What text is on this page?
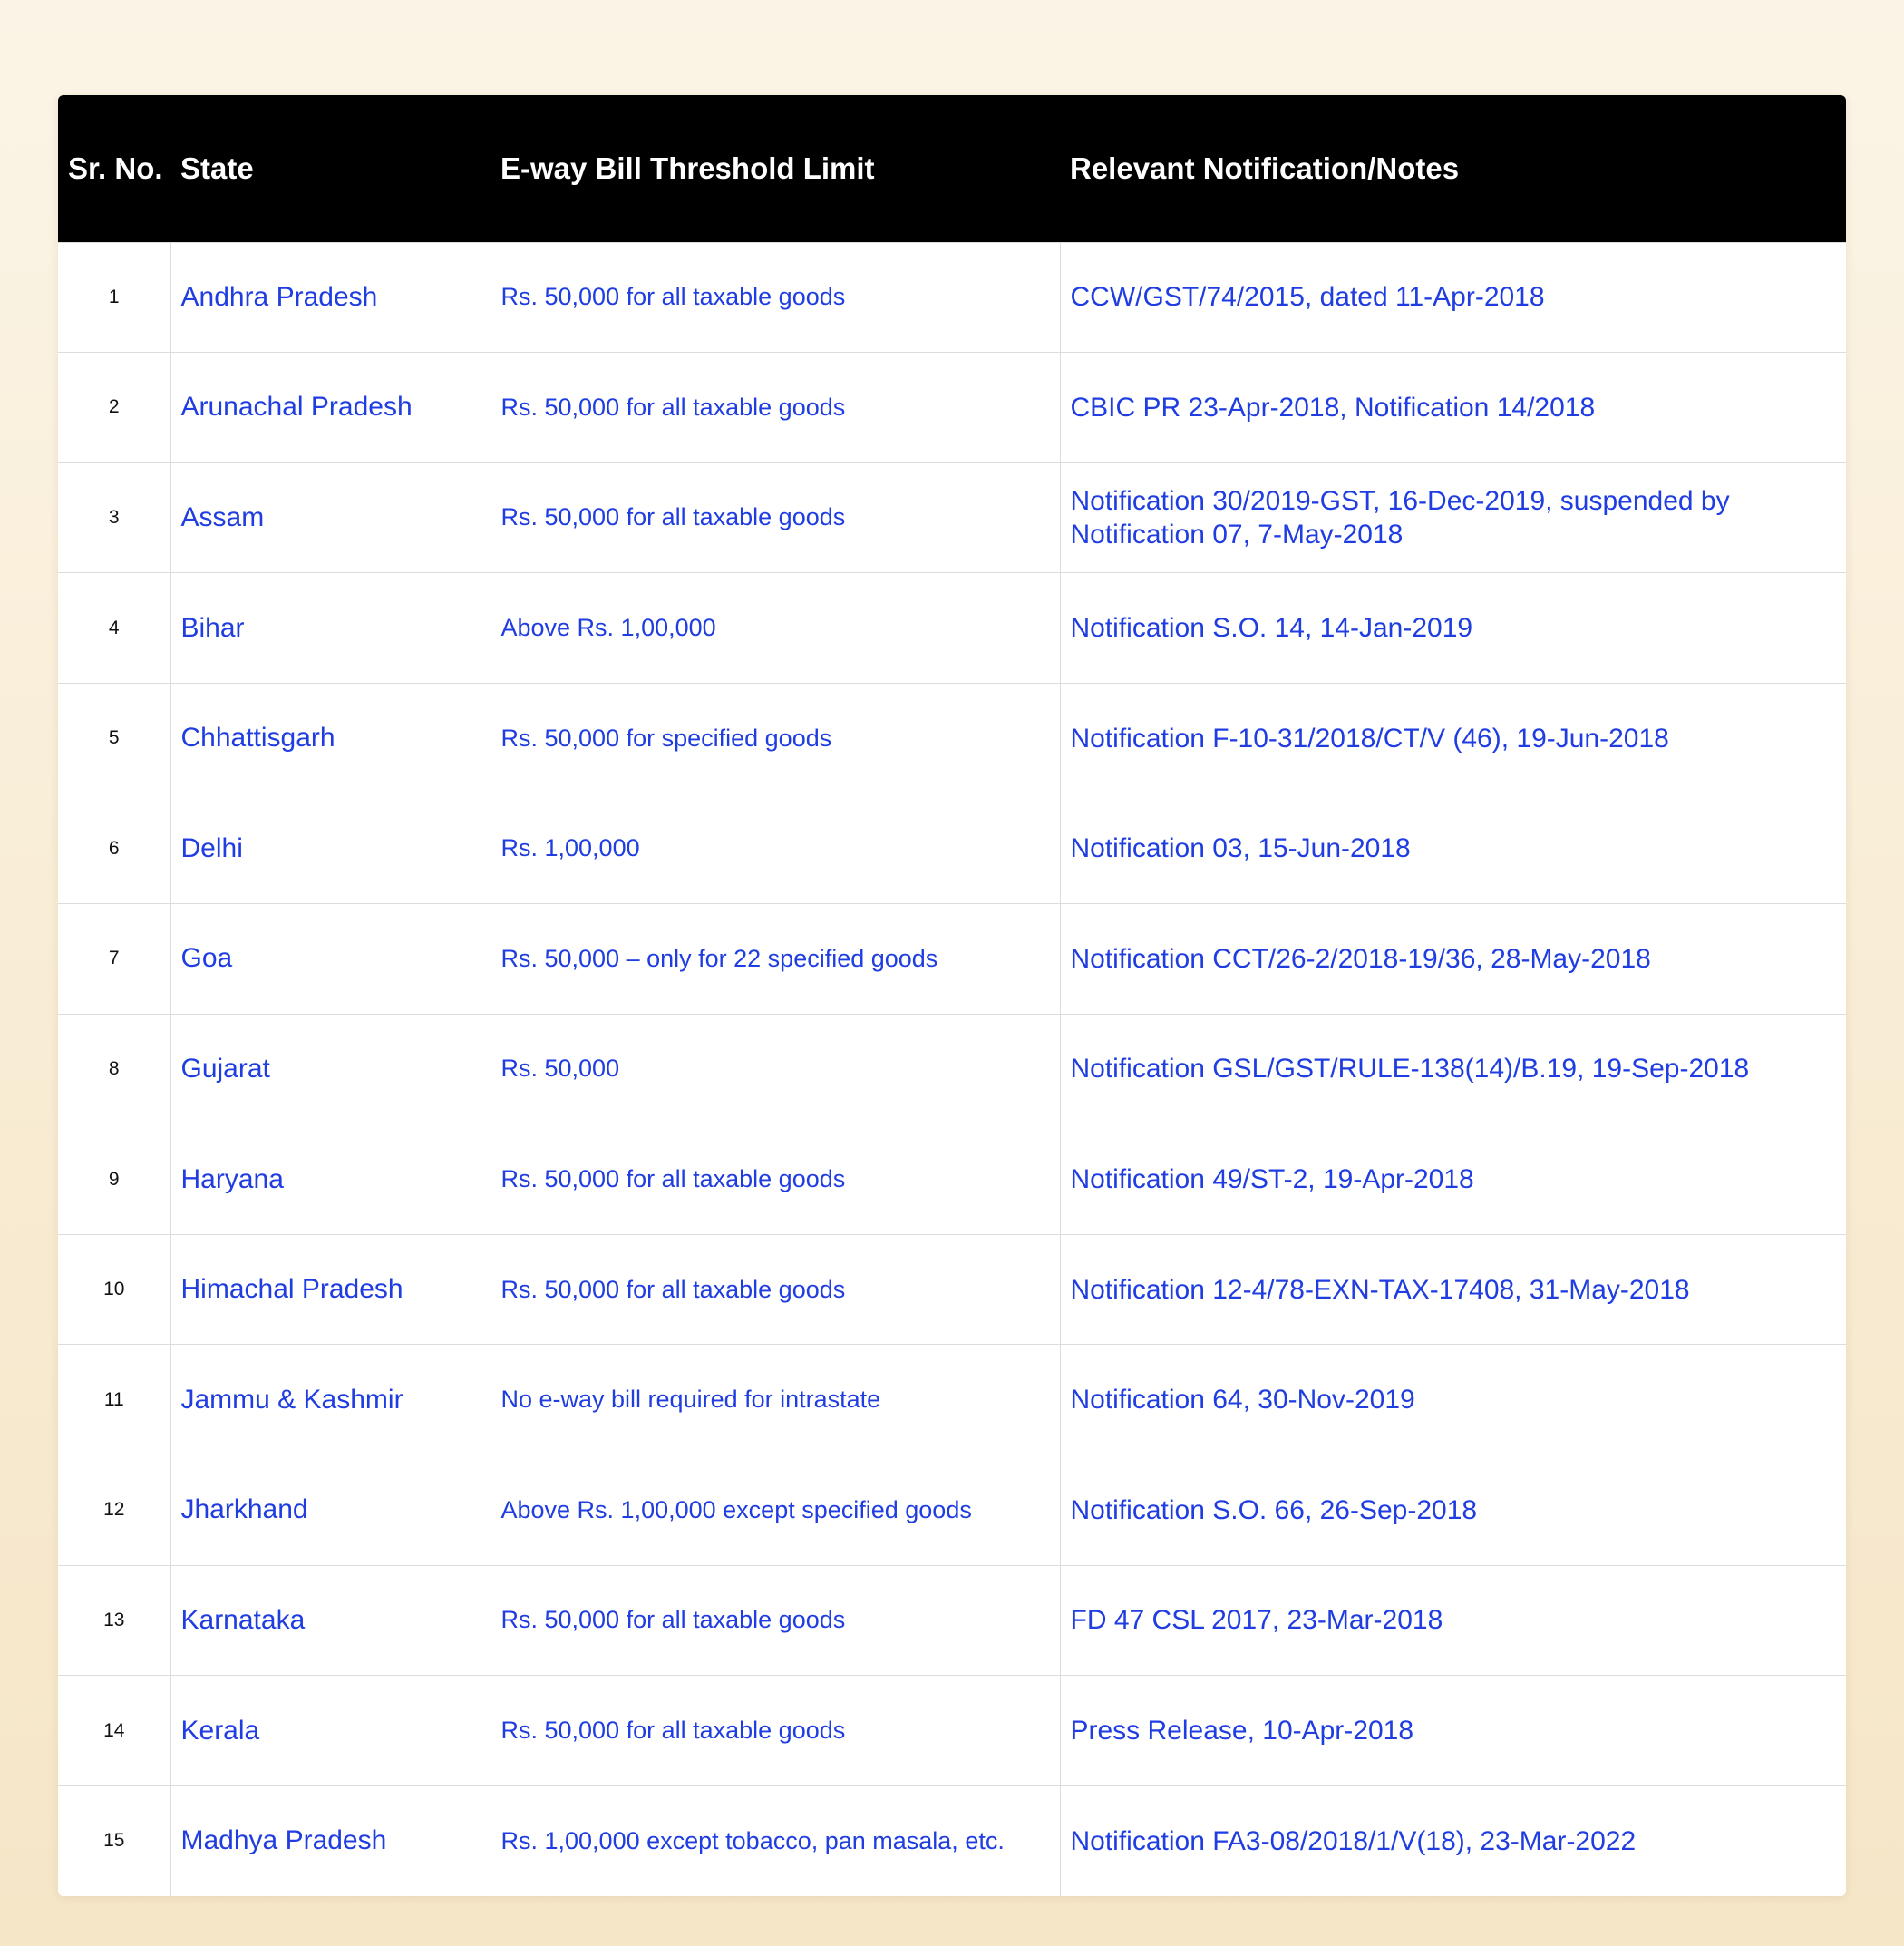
Sr. No.	State	E-way Bill Threshold Limit	Relevant Notification/Notes
1	Andhra Pradesh	Rs. 50,000 for all taxable goods	CCW/GST/74/2015, dated 11-Apr-2018
2	Arunachal Pradesh	Rs. 50,000 for all taxable goods	CBIC PR 23-Apr-2018, Notification 14/2018
3	Assam	Rs. 50,000 for all taxable goods	Notification 30/2019-GST, 16-Dec-2019, suspended by Notification 07, 7-May-2018
4	Bihar	Above Rs. 1,00,000	Notification S.O. 14, 14-Jan-2019
5	Chhattisgarh	Rs. 50,000 for specified goods	Notification F-10-31/2018/CT/V (46), 19-Jun-2018
6	Delhi	Rs. 1,00,000	Notification 03, 15-Jun-2018
7	Goa	Rs. 50,000 – only for 22 specified goods	Notification CCT/26-2/2018-19/36, 28-May-2018
8	Gujarat	Rs. 50,000	Notification GSL/GST/RULE-138(14)/B.19, 19-Sep-2018
9	Haryana	Rs. 50,000 for all taxable goods	Notification 49/ST-2, 19-Apr-2018
10	Himachal Pradesh	Rs. 50,000 for all taxable goods	Notification 12-4/78-EXN-TAX-17408, 31-May-2018
11	Jammu & Kashmir	No e-way bill required for intrastate	Notification 64, 30-Nov-2019
12	Jharkhand	Above Rs. 1,00,000 except specified goods	Notification S.O. 66, 26-Sep-2018
13	Karnataka	Rs. 50,000 for all taxable goods	FD 47 CSL 2017, 23-Mar-2018
14	Kerala	Rs. 50,000 for all taxable goods	Press Release, 10-Apr-2018
15	Madhya Pradesh	Rs. 1,00,000 except tobacco, pan masala, etc.	Notification FA3-08/2018/1/V(18), 23-Mar-2022
